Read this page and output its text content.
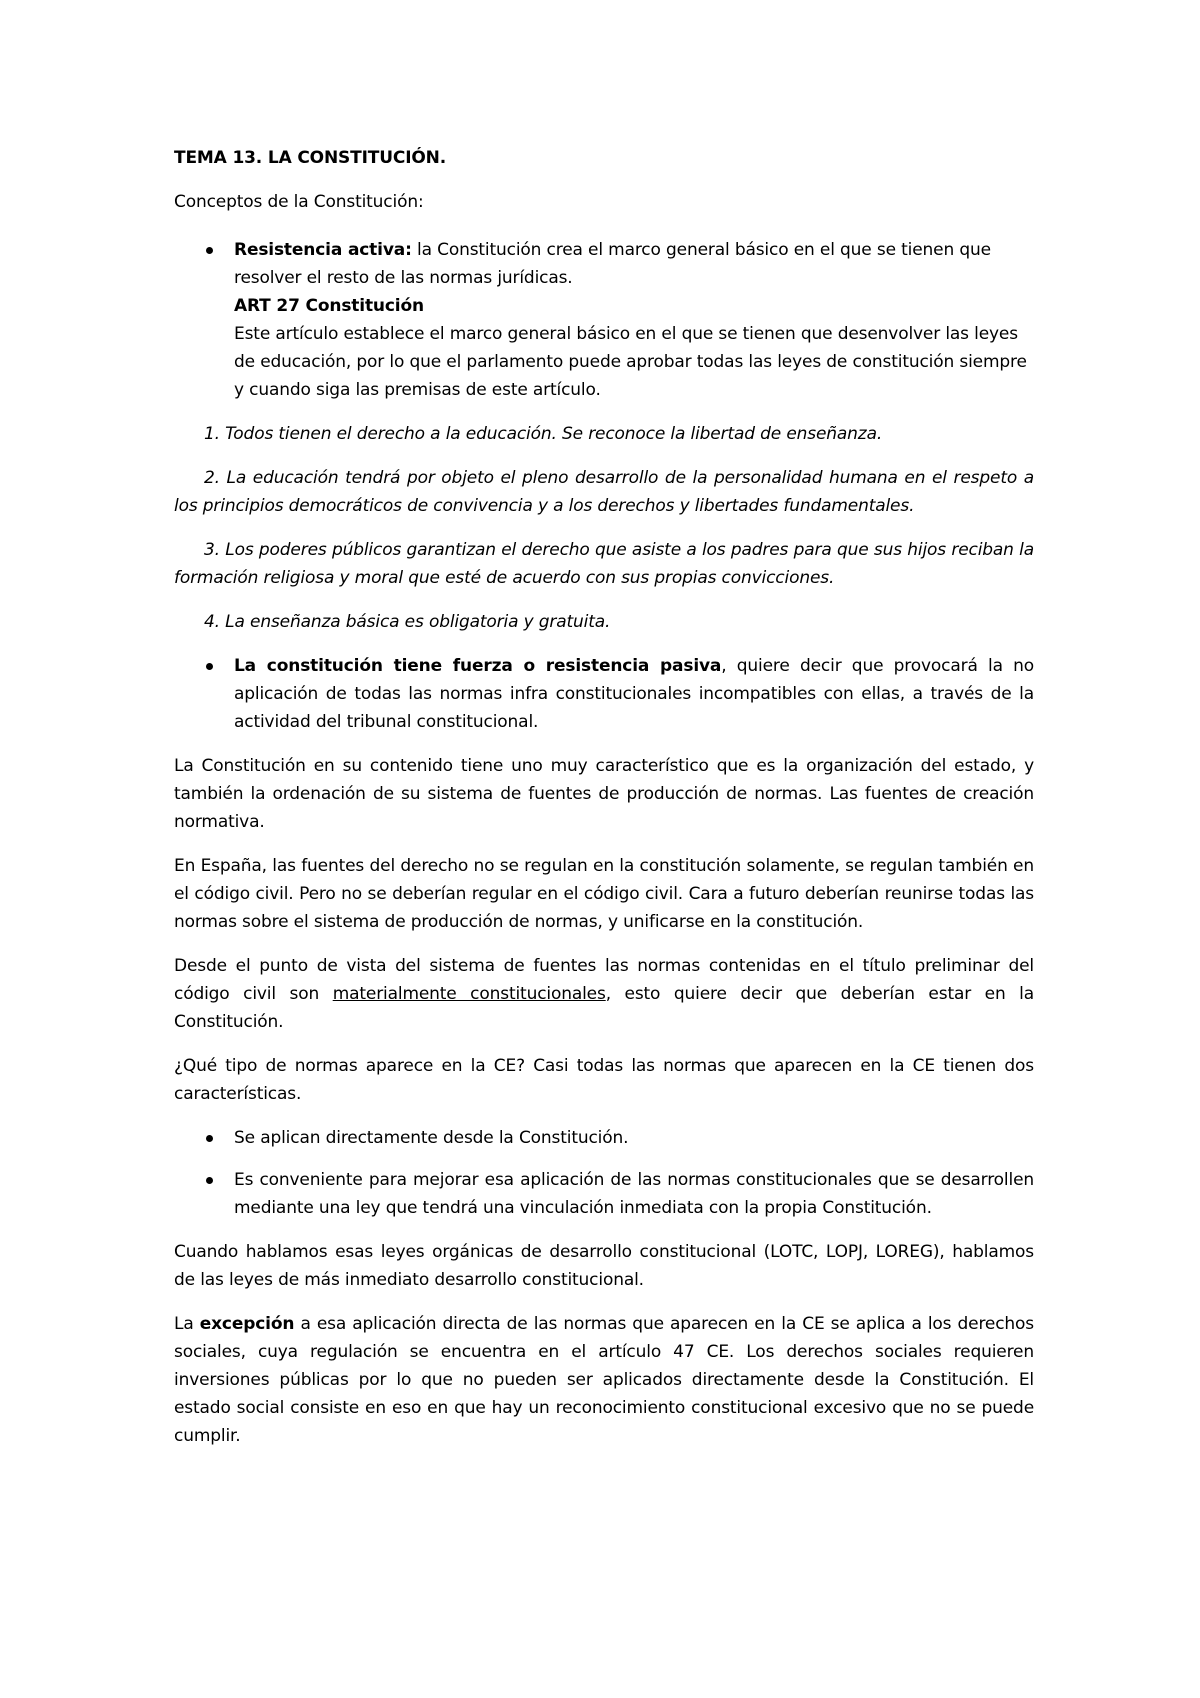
TEMA 13. LA CONSTITUCIÓN.

Conceptos de la Constitución:

Resistencia activa: la Constitución crea el marco general básico en el que se tienen que resolver el resto de las normas jurídicas.

ART 27 Constitución

Este artículo establece el marco general básico en el que se tienen que desenvolver las leyes de educación, por lo que el parlamento puede aprobar todas las leyes de constitución siempre y cuando siga las premisas de este artículo.

1. Todos tienen el derecho a la educación. Se reconoce la libertad de enseñanza.

2. La educación tendrá por objeto el pleno desarrollo de la personalidad humana en el respeto a los principios democráticos de convivencia y a los derechos y libertades fundamentales.

3. Los poderes públicos garantizan el derecho que asiste a los padres para que sus hijos reciban la formación religiosa y moral que esté de acuerdo con sus propias convicciones.

4. La enseñanza básica es obligatoria y gratuita.

La constitución tiene fuerza o resistencia pasiva, quiere decir que provocará la no aplicación de todas las normas infra constitucionales incompatibles con ellas, a través de la actividad del tribunal constitucional.

La Constitución en su contenido tiene uno muy característico que es la organización del estado, y también la ordenación de su sistema de fuentes de producción de normas. Las fuentes de creación normativa.

En España, las fuentes del derecho no se regulan en la constitución solamente, se regulan también en el código civil. Pero no se deberían regular en el código civil. Cara a futuro deberían reunirse todas las normas sobre el sistema de producción de normas, y unificarse en la constitución.

Desde el punto de vista del sistema de fuentes las normas contenidas en el título preliminar del código civil son materialmente constitucionales, esto quiere decir que deberían estar en la Constitución.

¿Qué tipo de normas aparece en la CE? Casi todas las normas que aparecen en la CE tienen dos características.

Se aplican directamente desde la Constitución.

Es conveniente para mejorar esa aplicación de las normas constitucionales que se desarrollen mediante una ley que tendrá una vinculación inmediata con la propia Constitución.

Cuando hablamos esas leyes orgánicas de desarrollo constitucional (LOTC, LOPJ, LOREG), hablamos de las leyes de más inmediato desarrollo constitucional.

La excepción a esa aplicación directa de las normas que aparecen en la CE se aplica a los derechos sociales, cuya regulación se encuentra en el artículo 47 CE. Los derechos sociales requieren inversiones públicas por lo que no pueden ser aplicados directamente desde la Constitución. El estado social consiste en eso en que hay un reconocimiento constitucional excesivo que no se puede cumplir.
